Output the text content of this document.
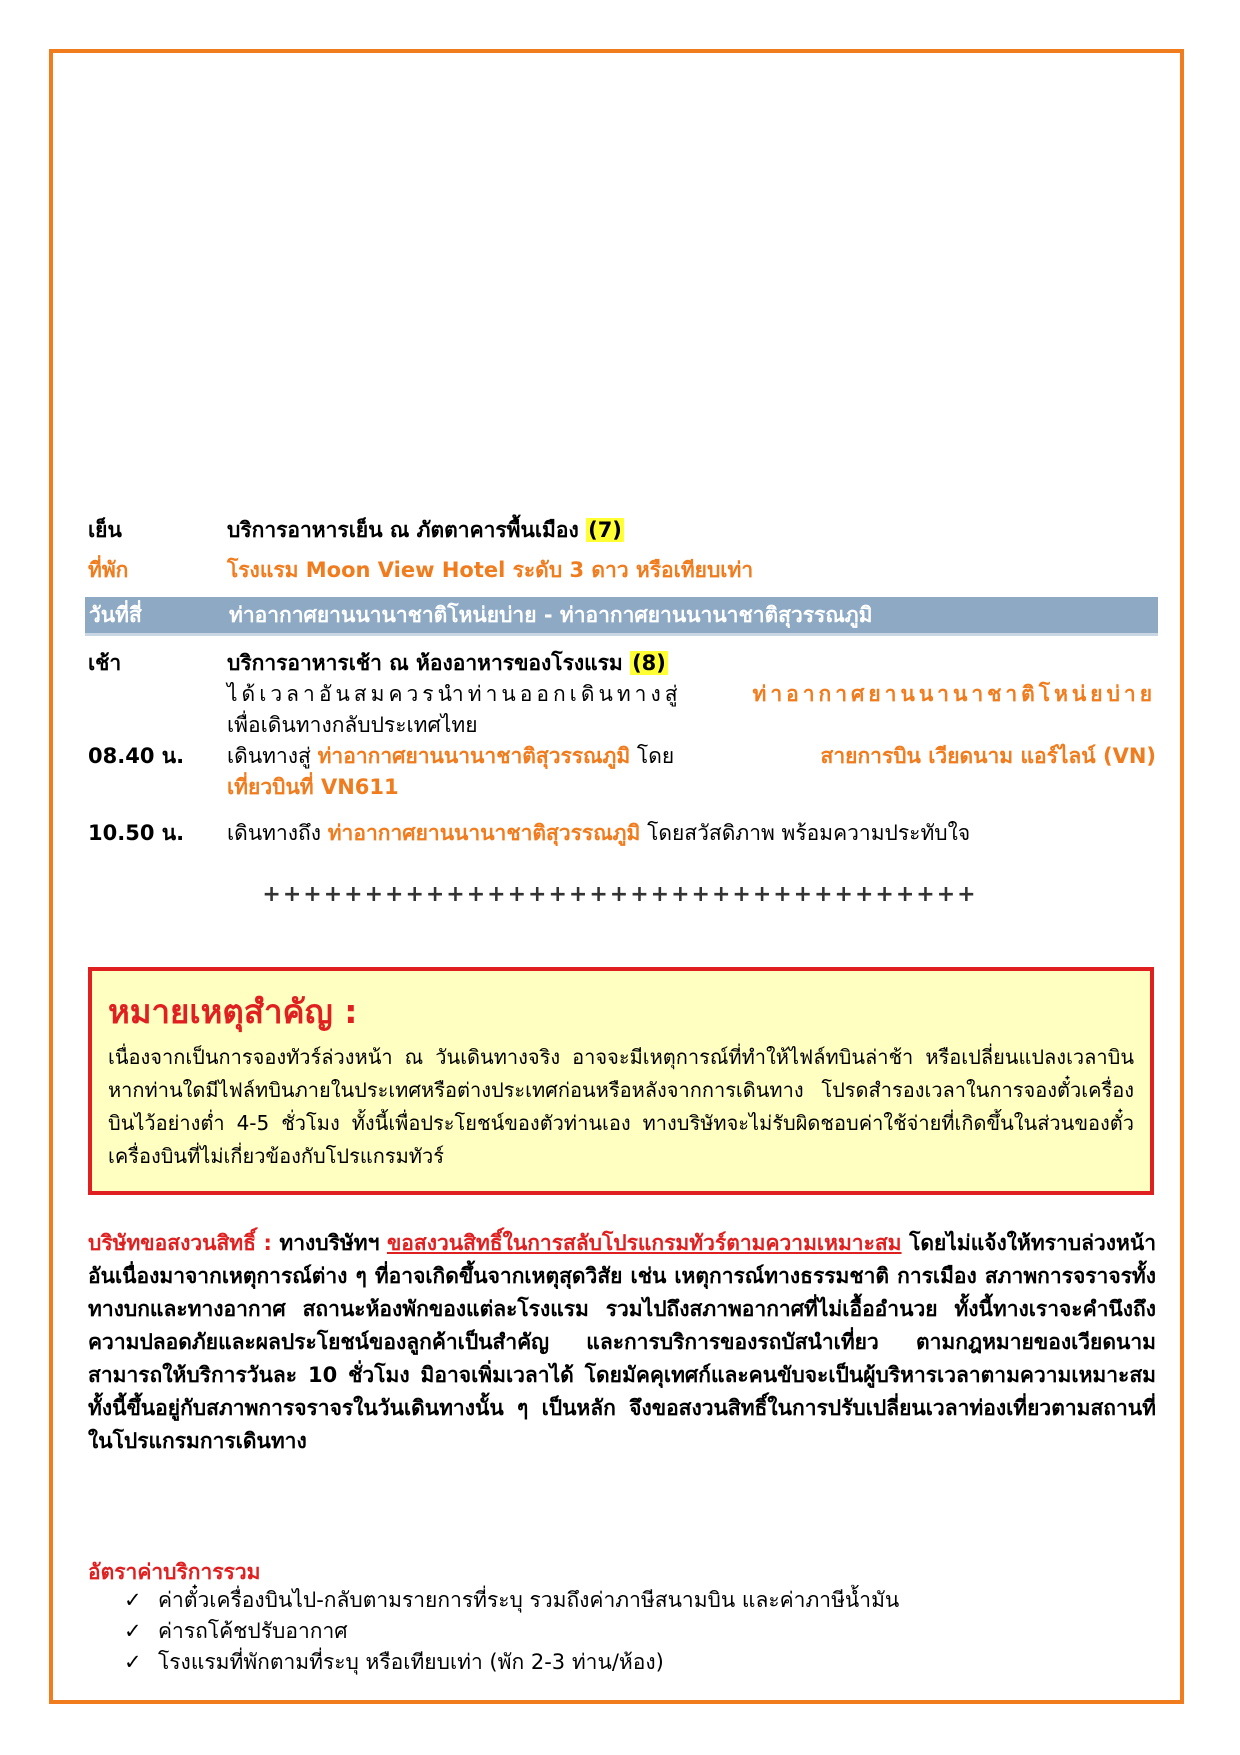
เย็น	บริการอาหารเย็น ณ ภัตตาคารพื้นเมือง (7)
ที่พัก	โรงแรม Moon View Hotel ระดับ 3 ดาว หรือเทียบเท่า
วันที่สี่	ท่าอากาศยานนานาชาติโหน่ยบ่าย - ท่าอากาศยานนานาชาติสุวรรณภูมิ
เช้า	บริการอาหารเช้า ณ ห้องอาหารของโรงแรม (8)
ได้เวลาอันสมควรนำท่านออกเดินทางสู่	ท่าอากาศยานนานาชาติโหน่ยบ่าย
เพื่อเดินทางกลับประเทศไทย
08.40 น. เดินทางสู่ ท่าอากาศยานนานาชาติสุวรรณภูมิ โดย	สายการบิน เวียดนาม แอร์ไลน์ (VN)
เที่ยวบินที่ VN611
10.50 น. เดินทางถึง ท่าอากาศยานนานาชาติสุวรรณภูมิ โดยสวัสดิภาพ พร้อมความประทับใจ
+++++++++++++++++++++++++++++++++++
หมายเหตุสำคัญ :
เนื่องจากเป็นการจองทัวร์ล่วงหน้า ณ วันเดินทางจริง อาจจะมีเหตุการณ์ที่ทำให้ไฟล์ทบินล่าช้า หรือเปลี่ยนแปลงเวลาบิน หากท่านใดมีไฟล์ทบินภายในประเทศหรือต่างประเทศก่อนหรือหลังจากการเดินทาง โปรดสำรองเวลาในการจองตั๋วเครื่องบินไว้อย่างต่ำ 4-5 ชั่วโมง ทั้งนี้เพื่อประโยชน์ของตัวท่านเอง ทางบริษัทจะไม่รับผิดชอบค่าใช้จ่ายที่เกิดขึ้นในส่วนของตั๋วเครื่องบินที่ไม่เกี่ยวข้องกับโปรแกรมทัวร์
บริษัทขอสงวนสิทธิ์ : ทางบริษัทฯ ขอสงวนสิทธิ์ในการสลับโปรแกรมทัวร์ตามความเหมาะสม โดยไม่แจ้งให้ทราบล่วงหน้า อันเนื่องมาจากเหตุการณ์ต่าง ๆ ที่อาจเกิดขึ้นจากเหตุสุดวิสัย เช่น เหตุการณ์ทางธรรมชาติ การเมือง สภาพการจราจรทั้งทางบกและทางอากาศ สถานะห้องพักของแต่ละโรงแรม รวมไปถึงสภาพอากาศที่ไม่เอื้ออำนวย ทั้งนี้ทางเราจะคำนึงถึงความปลอดภัยและผลประโยชน์ของลูกค้าเป็นสำคัญ และการบริการของรถบัสนำเที่ยว ตามกฎหมายของเวียดนาม สามารถให้บริการวันละ 10 ชั่วโมง มิอาจเพิ่มเวลาได้ โดยมัคคุเทศก์และคนขับจะเป็นผู้บริหารเวลาตามความเหมาะสม ทั้งนี้ขึ้นอยู่กับสภาพการจราจรในวันเดินทางนั้น ๆ เป็นหลัก จึงขอสงวนสิทธิ์ในการปรับเปลี่ยนเวลาท่องเที่ยวตามสถานที่ในโปรแกรมการเดินทาง
อัตราค่าบริการรวม
✓ ค่าตั๋วเครื่องบินไป-กลับตามรายการที่ระบุ รวมถึงค่าภาษีสนามบิน และค่าภาษีน้ำมัน
✓ ค่ารถโค้ชปรับอากาศ
✓ โรงแรมที่พักตามที่ระบุ หรือเทียบเท่า (พัก 2-3 ท่าน/ห้อง)
